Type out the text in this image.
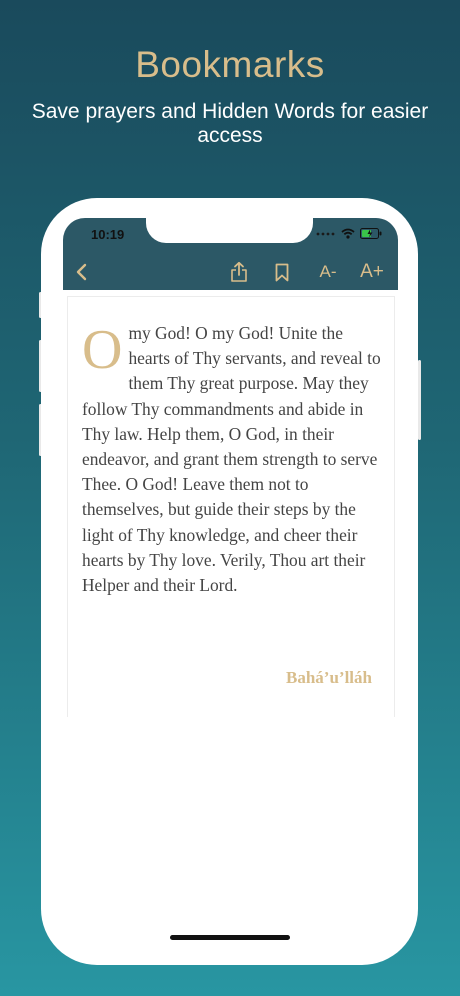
Bookmarks
Save prayers and Hidden Words for easier access
10:19
A- A+
Omy God! O my God! Unite the hearts of Thy servants, and reveal to them Thy great purpose. May they follow Thy commandments and abide in Thy law. Help them, O God, in their endeavor, and grant them strength to serve Thee. O God! Leave them not to themselves, but guide their steps by the light of Thy knowledge, and cheer their hearts by Thy love. Verily, Thou art their Helper and their Lord.
Bahá’u’lláh
